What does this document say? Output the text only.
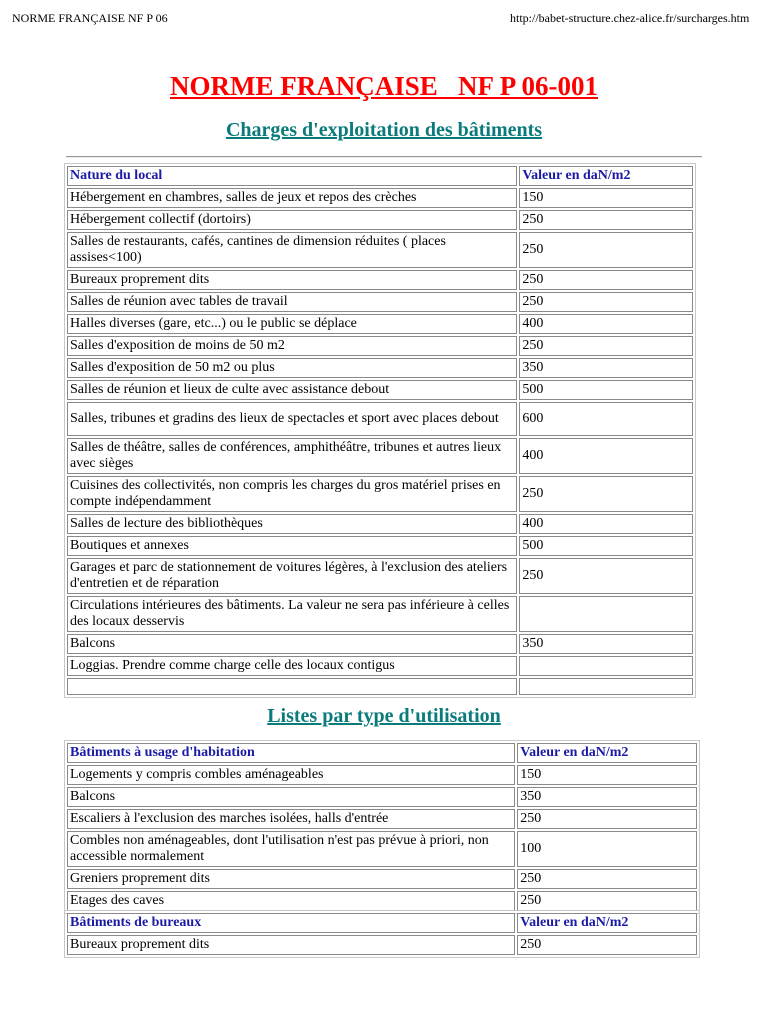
NORME FRANÇAISE NF P 06	http://babet-structure.chez-alice.fr/surcharges.htm
NORME FRANÇAISE   NF P 06-001
Charges d'exploitation des bâtiments
Nature du local	Valeur en daN/m2
Hébergement en chambres, salles de jeux et repos des crèches	150
Hébergement collectif (dortoirs)	250
Salles de restaurants, cafés, cantines de dimension réduites ( places assises<100)	250
Bureaux proprement dits	250
Salles de réunion avec tables de travail	250
Halles diverses (gare, etc...) ou le public se déplace	400
Salles d'exposition de moins de 50 m2	250
Salles d'exposition de 50 m2 ou plus	350
Salles de réunion et lieux de culte avec assistance debout	500
Salles, tribunes et gradins des lieux de spectacles et sport avec places debout	600
Salles de théâtre, salles de conférences, amphithéâtre, tribunes et autres lieux avec sièges	400
Cuisines des collectivités, non compris les charges du gros matériel prises en compte indépendamment	250
Salles de lecture des bibliothèques	400
Boutiques et annexes	500
Garages et parc de stationnement de voitures légères, à l'exclusion des ateliers d'entretien et de réparation	250
Circulations intérieures des bâtiments. La valeur ne sera pas inférieure à celles des locaux desservis	
Balcons	350
Loggias. Prendre comme charge celle des locaux contigus	

Listes par type d'utilisation
Bâtiments à usage d'habitation	Valeur en daN/m2
Logements y compris combles aménageables	150
Balcons	350
Escaliers à l'exclusion des marches isolées, halls d'entrée	250
Combles non aménageables, dont l'utilisation n'est pas prévue à priori, non accessible normalement	100
Greniers proprement dits	250
Etages des caves	250
Bâtiments de bureaux	Valeur en daN/m2
Bureaux proprement dits	250
